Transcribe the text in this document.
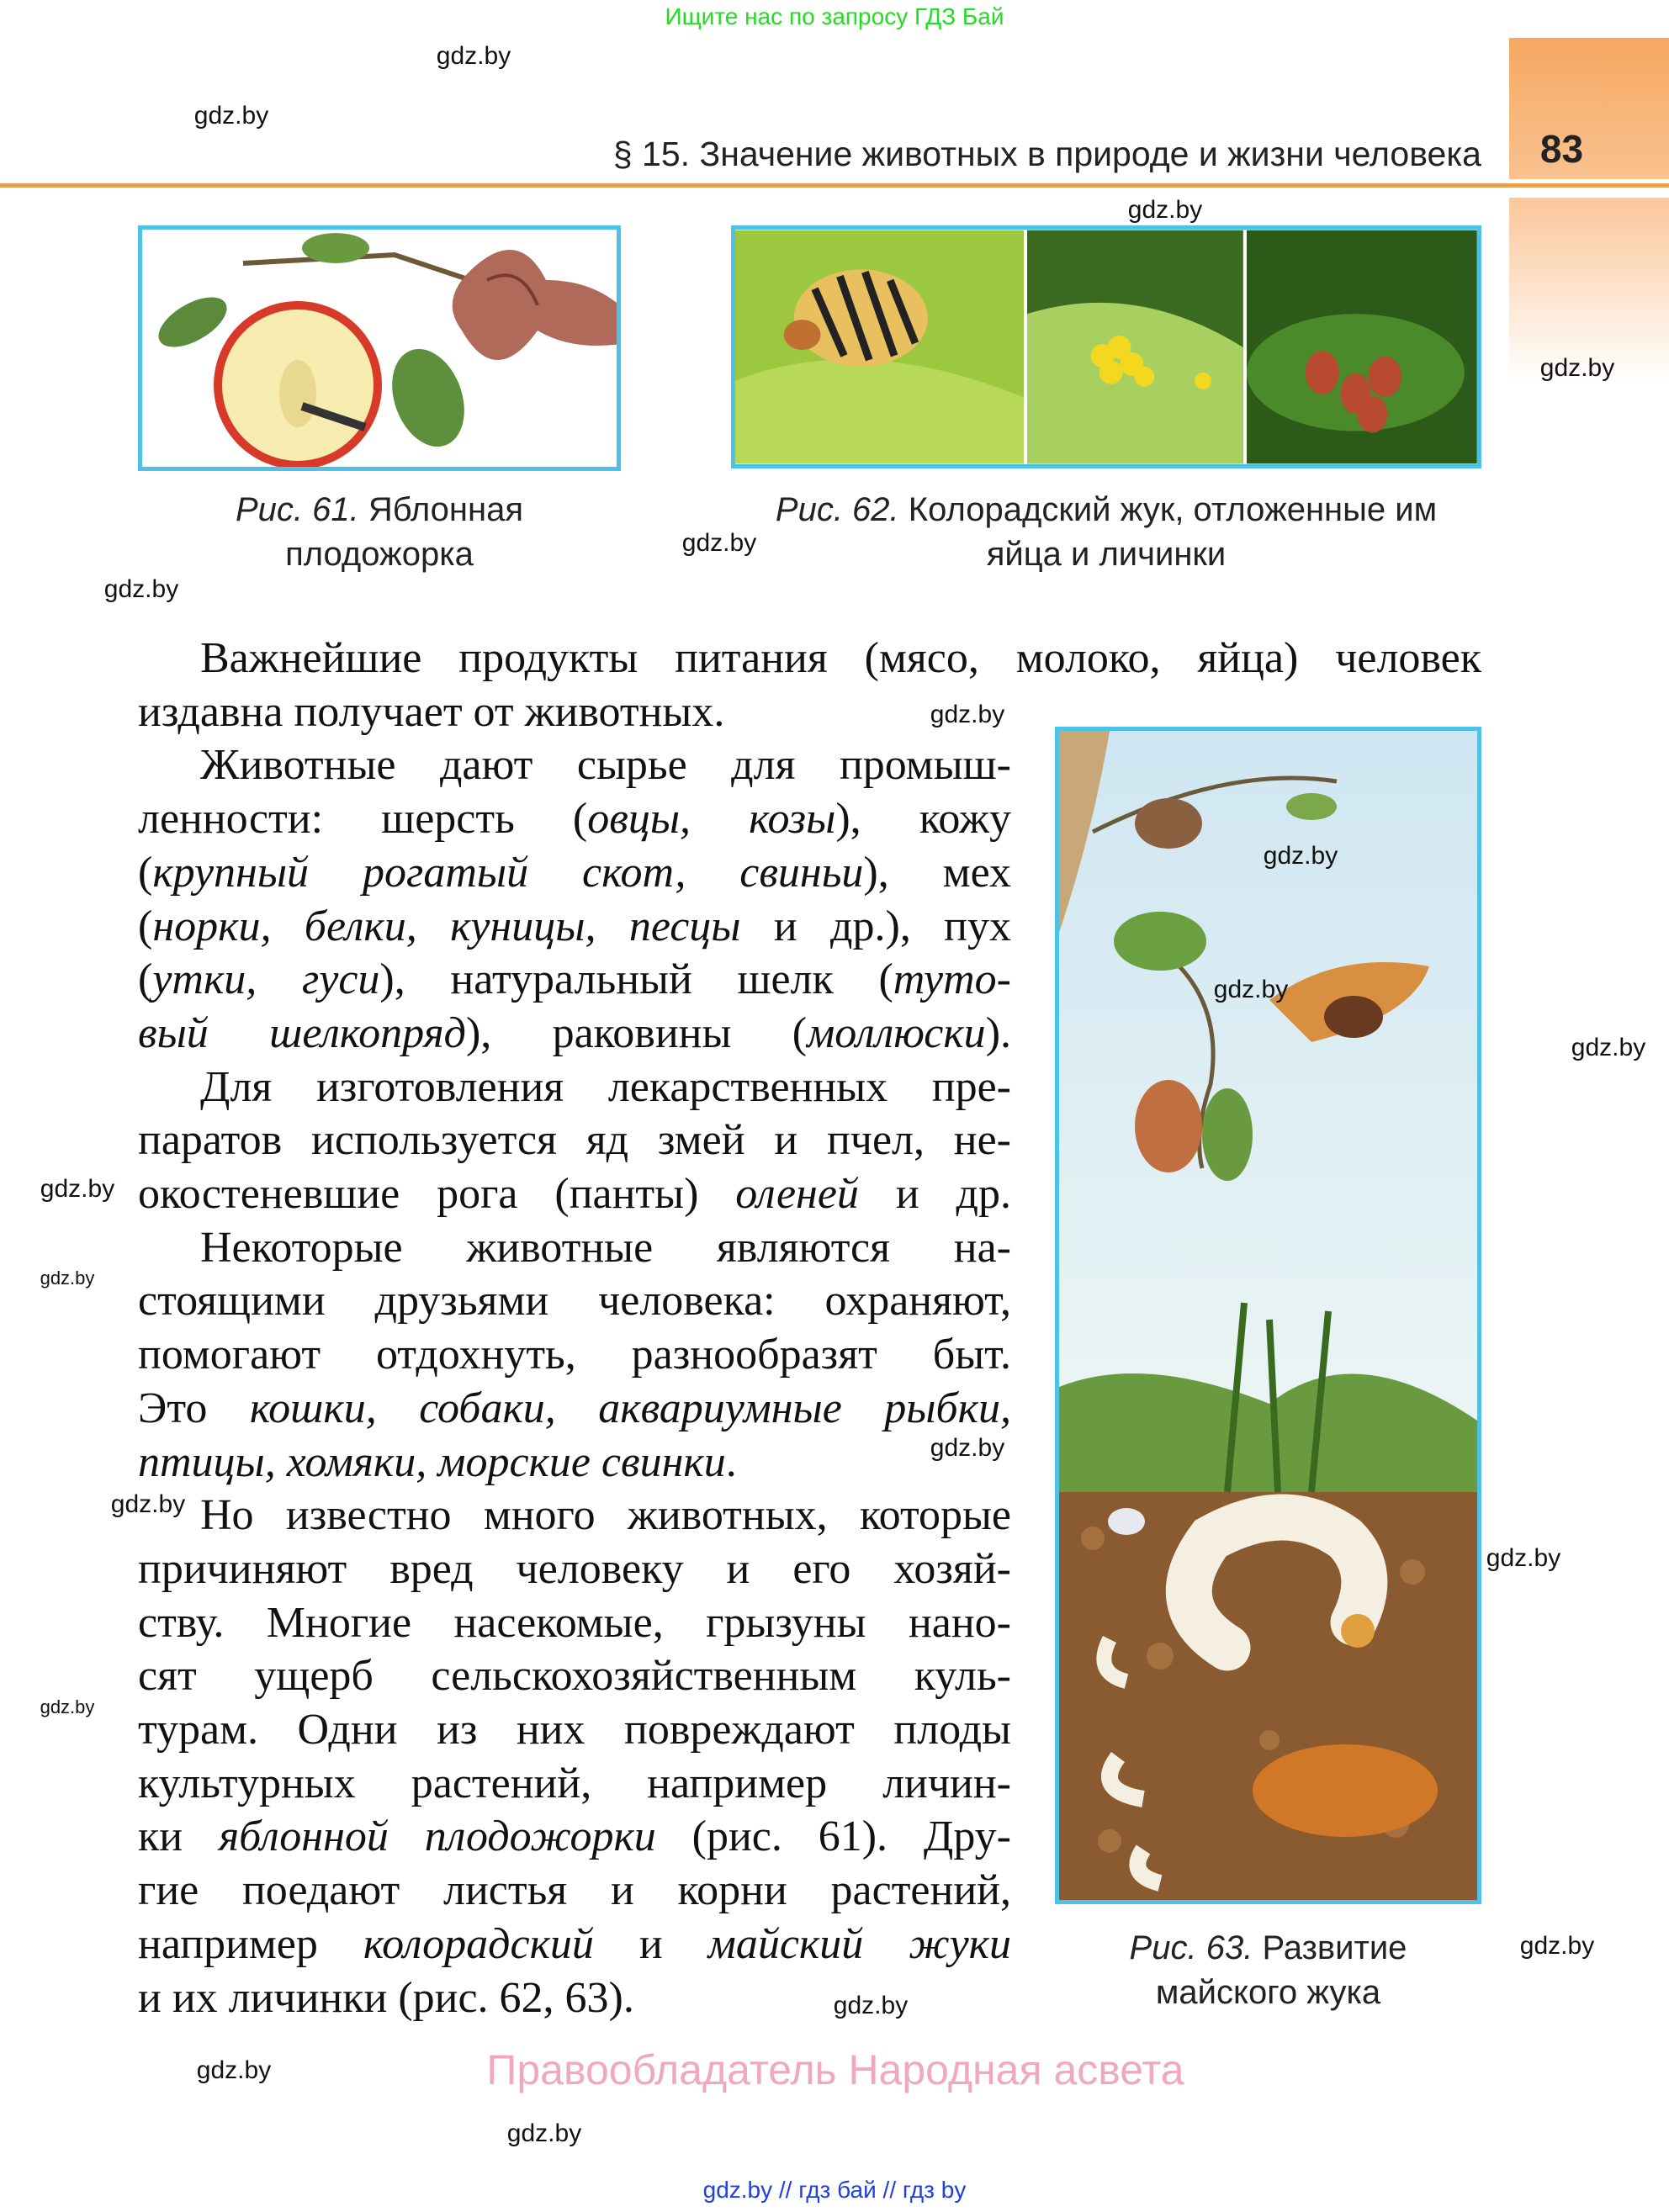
Ищите нас по запросу ГДЗ Бай
83
§ 15. Значение животных в природе и жизни человека
Рис. 61. Яблонная
плодожорка
Рис. 62. Колорадский жук, отложенные им
яйца и личинки
Рис. 63. Развитие
майского жука
Важнейшие продукты питания (мясо, молоко, яйца) человек
издавна получает от животных.
Животные дают сырье для промыш-
ленности: шерсть (овцы, козы), кожу
(крупный рогатый скот, свиньи), мех
(норки, белки, куницы, песцы и др.), пух
(утки, гуси), натуральный шелк (туто-
вый шелкопряд), раковины (моллюски).
Для изготовления лекарственных пре-
паратов используется яд змей и пчел, не-
окостеневшие рога (панты) оленей и др.
Некоторые животные являются на-
стоящими друзьями человека: охраняют,
помогают отдохнуть, разнообразят быт.
Это кошки, собаки, аквариумные рыбки,
птицы, хомяки, морские свинки.
Но известно много животных, которые
причиняют вред человеку и его хозяй-
ству. Многие насекомые, грызуны нано-
сят ущерб сельскохозяйственным куль-
турам. Одни из них повреждают плоды
культурных растений, например личин-
ки яблонной плодожорки (рис. 61). Дру-
гие поедают листья и корни растений,
например колорадский и майский жуки
и их личинки (рис. 62, 63).
gdz.by
gdz.by
gdz.by
gdz.by
gdz.by
gdz.by
gdz.by
gdz.by
gdz.by
gdz.by
gdz.by
gdz.by
gdz.by
gdz.by
gdz.by
gdz.by
gdz.by
gdz.by
gdz.by
gdz.by
Правообладатель Народная асвета
gdz.by // гдз бай // гдз by
